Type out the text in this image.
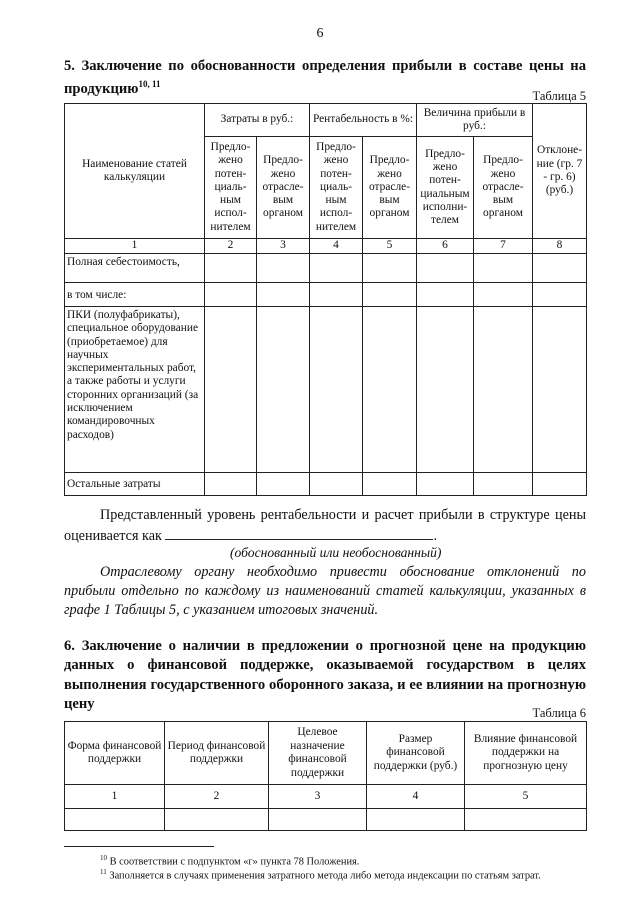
6
5. Заключение по обоснованности определения прибыли в составе цены на продукцию$^{10, 11}$
Таблица 5
Наименование статей калькуляции	Затраты в руб.:		Рентабельность в %:		Величина прибыли в руб.:		Отклоне-ние (гр. 7 - гр. 6) (руб.)
	Предло-жено потен-циаль-ным испол-нителем	Предло-жено отрасле-вым органом	Предло-жено потен-циаль-ным испол-нителем	Предло-жено отрасле-вым органом	Предло-жено потен-циальным исполни-телем	Предло-жено отрасле-вым органом	
1	2	3	4	5	6	7	8
Полная себестоимость,							
в том числе:							
ПКИ (полуфабрикаты), специальное оборудование (приобретаемое) для научных экспериментальных работ, а также работы и услуги сторонних организаций (за исключением командировочных расходов)							
Остальные затраты							
Представленный уровень рентабельности и расчет прибыли в структуре цены оценивается как	.
(обоснованный или необоснованный)
Отраслевому органу необходимо привести обоснование отклонений по прибыли отдельно по каждому из наименований статей калькуляции, указанных в графе 1 Таблицы 5, с указанием итоговых значений.
6. Заключение о наличии в предложении о прогнозной цене на продукцию данных о финансовой поддержке, оказываемой государством в целях выполнения государственного оборонного заказа, и ее влиянии на прогнозную цену
Таблица 6
Форма финансовой поддержки	Период финансовой поддержки	Целевое назначение финансовой поддержки	Размер финансовой поддержки (руб.)	Влияние финансовой поддержки на прогнозную цену
1	2	3	4	5

$^{10}$ В соответствии с подпунктом «г» пункта 78 Положения.
$^{11}$ Заполняется в случаях применения затратного метода либо метода индексации по статьям затрат.
